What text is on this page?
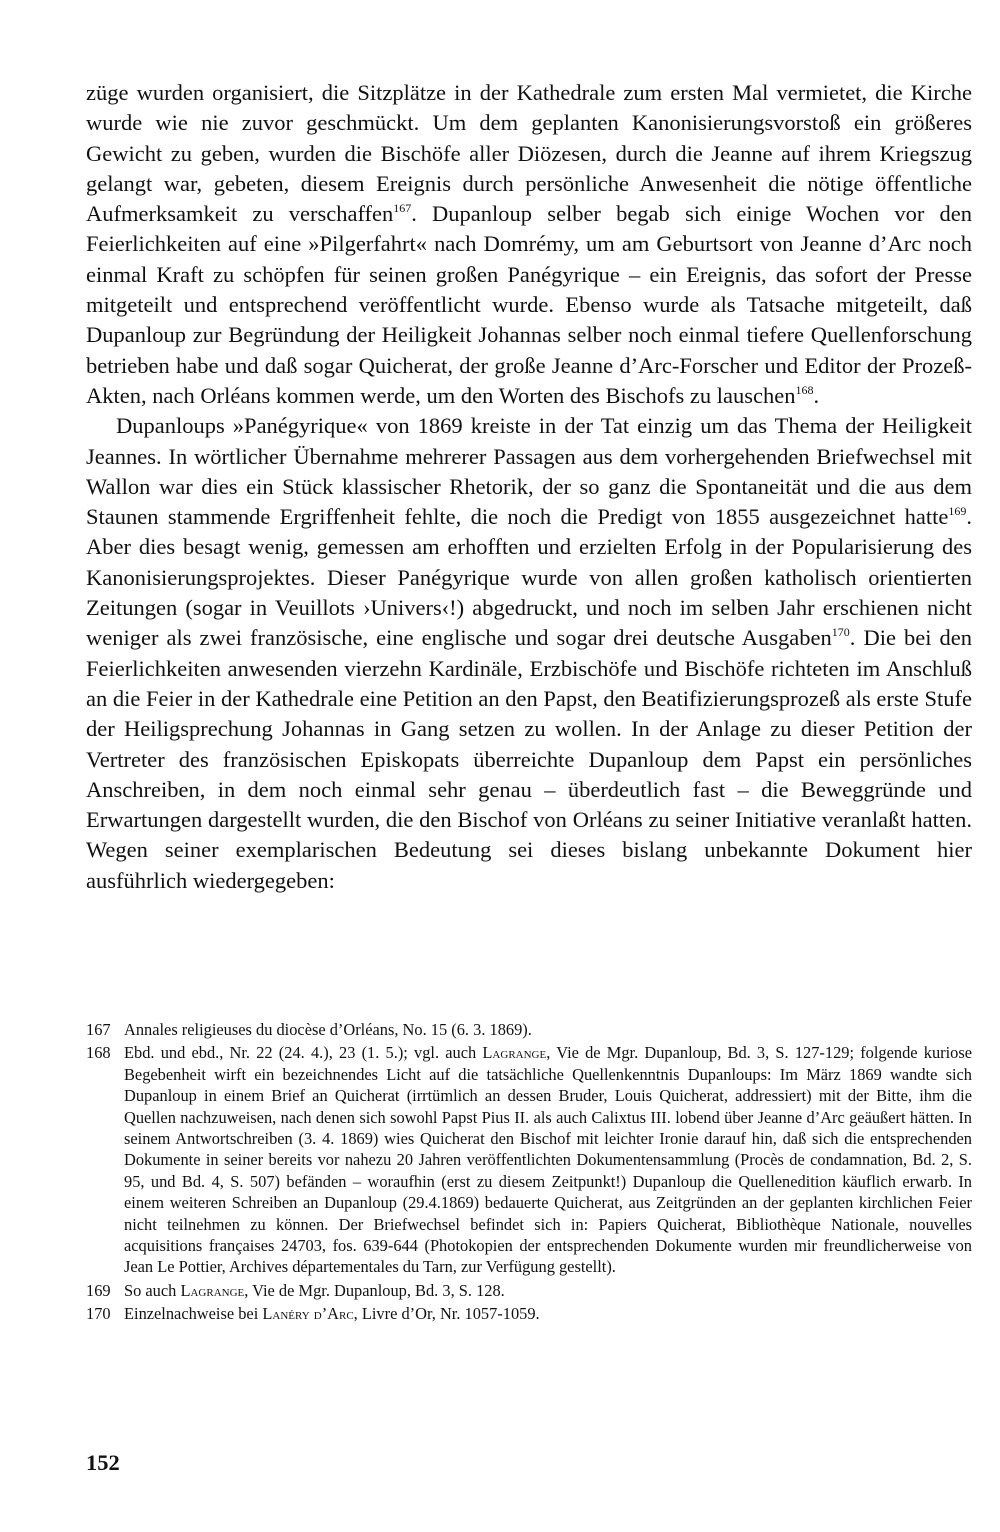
züge wurden organisiert, die Sitzplätze in der Kathedrale zum ersten Mal vermietet, die Kirche wurde wie nie zuvor geschmückt. Um dem geplanten Kanonisierungsvorstoß ein größeres Gewicht zu geben, wurden die Bischöfe aller Diözesen, durch die Jeanne auf ihrem Kriegszug gelangt war, gebeten, diesem Ereignis durch persönliche Anwesenheit die nötige öffentliche Aufmerksamkeit zu verschaffen$^{167}$. Dupanloup selber begab sich einige Wochen vor den Feierlichkeiten auf eine »Pilgerfahrt« nach Domrémy, um am Geburtsort von Jeanne d’Arc noch einmal Kraft zu schöpfen für seinen großen Panégyrique – ein Ereignis, das sofort der Presse mitgeteilt und entsprechend veröffentlicht wurde. Ebenso wurde als Tatsache mitgeteilt, daß Dupanloup zur Begründung der Heiligkeit Johannas selber noch einmal tiefere Quellenforschung betrieben habe und daß sogar Quicherat, der große Jeanne d’Arc-Forscher und Editor der Prozeß-Akten, nach Orléans kommen werde, um den Worten des Bischofs zu lauschen$^{168}$.

Dupanloups »Panégyrique« von 1869 kreiste in der Tat einzig um das Thema der Heiligkeit Jeannes. In wörtlicher Übernahme mehrerer Passagen aus dem vorhergehenden Briefwechsel mit Wallon war dies ein Stück klassischer Rhetorik, der so ganz die Spontaneität und die aus dem Staunen stammende Ergriffenheit fehlte, die noch die Predigt von 1855 ausgezeichnet hatte$^{169}$. Aber dies besagt wenig, gemessen am erhofften und erzielten Erfolg in der Popularisierung des Kanonisierungsprojektes. Dieser Panégyrique wurde von allen großen katholisch orientierten Zeitungen (sogar in Veuillots ›Univers‹!) abgedruckt, und noch im selben Jahr erschienen nicht weniger als zwei französische, eine englische und sogar drei deutsche Ausgaben$^{170}$. Die bei den Feierlichkeiten anwesenden vierzehn Kardinäle, Erzbischöfe und Bischöfe richteten im Anschluß an die Feier in der Kathedrale eine Petition an den Papst, den Beatifizierungsprozeß als erste Stufe der Heiligsprechung Johannas in Gang setzen zu wollen. In der Anlage zu dieser Petition der Vertreter des französischen Episkopats überreichte Dupanloup dem Papst ein persönliches Anschreiben, in dem noch einmal sehr genau – überdeutlich fast – die Beweggründe und Erwartungen dargestellt wurden, die den Bischof von Orléans zu seiner Initiative veranlaßt hatten. Wegen seiner exemplarischen Bedeutung sei dieses bislang unbekannte Dokument hier ausführlich wiedergegeben:

167 Annales religieuses du diocèse d’Orléans, No. 15 (6. 3. 1869).
168 Ebd. und ebd., Nr. 22 (24. 4.), 23 (1. 5.); vgl. auch Lagrange, Vie de Mgr. Dupanloup, Bd. 3, S. 127-129; folgende kuriose Begebenheit wirft ein bezeichnendes Licht auf die tatsächliche Quellenkenntnis Dupanloups: Im März 1869 wandte sich Dupanloup in einem Brief an Quicherat (irrtümlich an dessen Bruder, Louis Quicherat, addressiert) mit der Bitte, ihm die Quellen nachzuweisen, nach denen sich sowohl Papst Pius II. als auch Calixtus III. lobend über Jeanne d’Arc geäußert hätten. In seinem Antwortschreiben (3. 4. 1869) wies Quicherat den Bischof mit leichter Ironie darauf hin, daß sich die entsprechenden Dokumente in seiner bereits vor nahezu 20 Jahren veröffentlichten Dokumentensammlung (Procès de condamnation, Bd. 2, S. 95, und Bd. 4, S. 507) befänden – woraufhin (erst zu diesem Zeitpunkt!) Dupanloup die Quellenedition käuflich erwarb. In einem weiteren Schreiben an Dupanloup (29.4.1869) bedauerte Quicherat, aus Zeitgründen an der geplanten kirchlichen Feier nicht teilnehmen zu können. Der Briefwechsel befindet sich in: Papiers Quicherat, Bibliothèque Nationale, nouvelles acquisitions françaises 24703, fos. 639-644 (Photokopien der entsprechenden Dokumente wurden mir freundlicherweise von Jean Le Pottier, Archives départementales du Tarn, zur Verfügung gestellt).
169 So auch Lagrange, Vie de Mgr. Dupanloup, Bd. 3, S. 128.
170 Einzelnachweise bei Lanéry d’Arc, Livre d’Or, Nr. 1057-1059.
152
